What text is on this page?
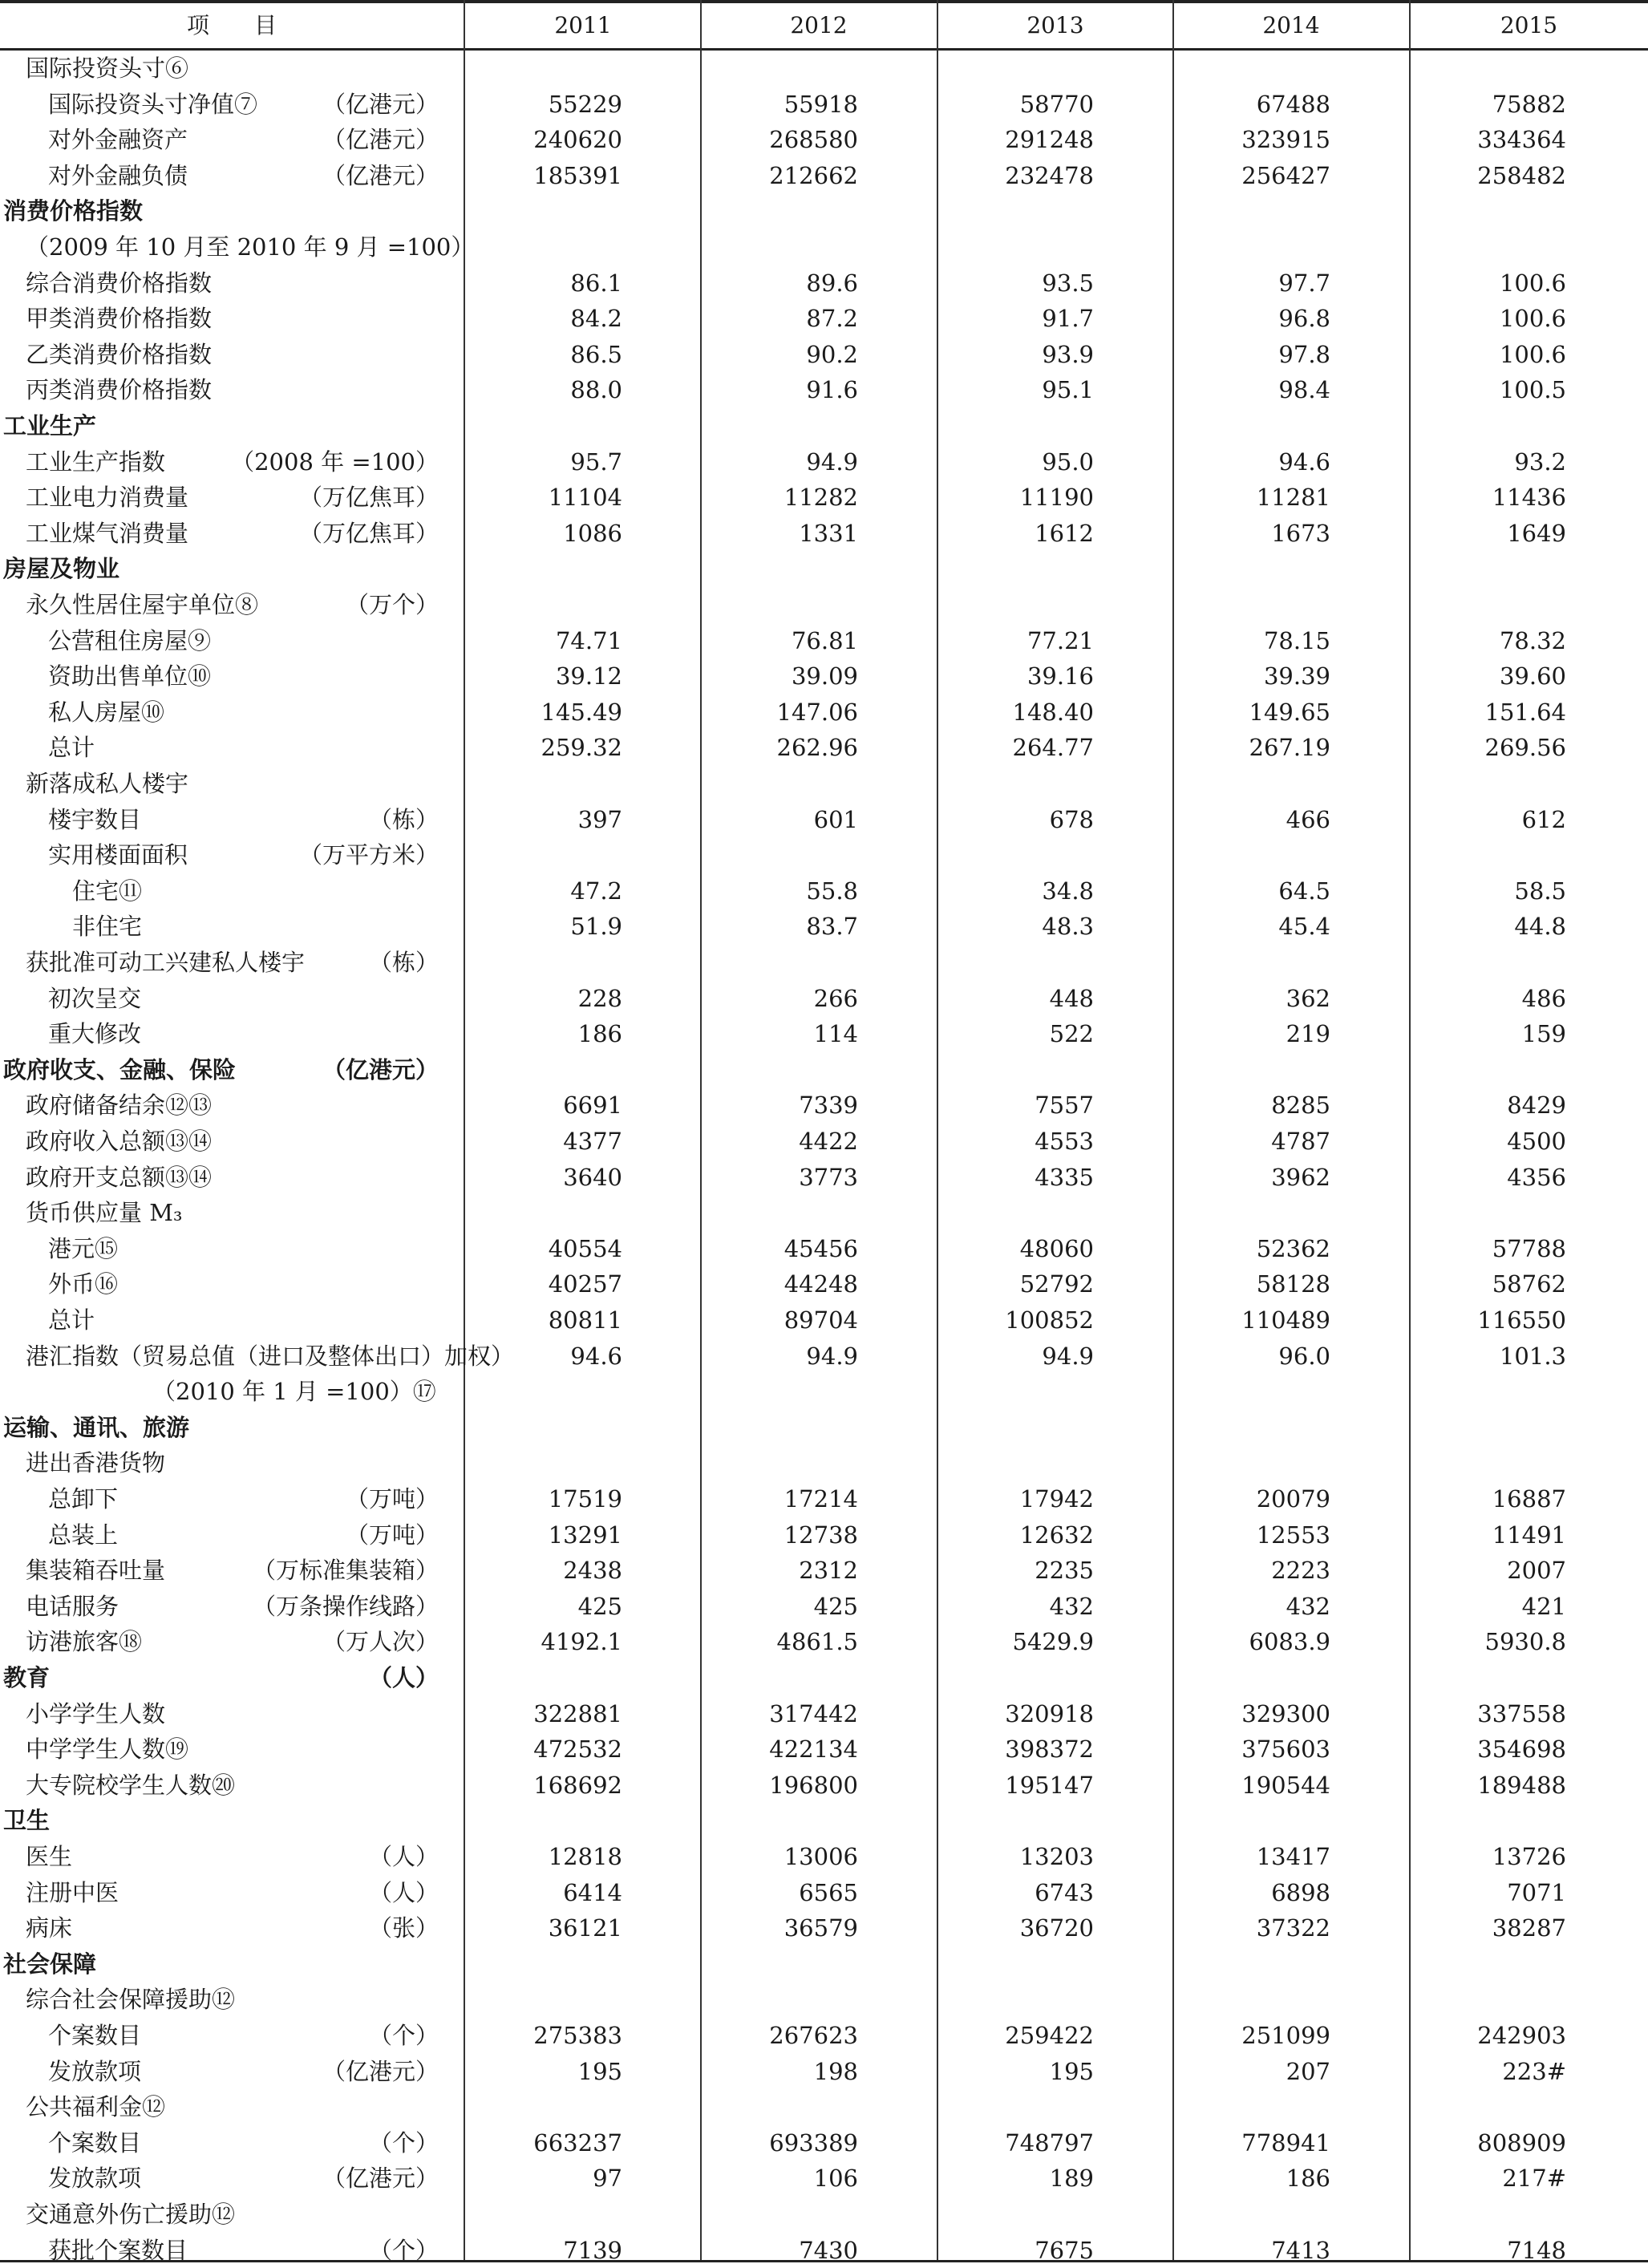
项　　目	2011	2012	2013	2014	2015
国际投资头寸⑥
国际投资头寸净值⑦	（亿港元）	55229	55918	58770	67488	75882
对外金融资产	（亿港元）	240620	268580	291248	323915	334364
对外金融负债	（亿港元）	185391	212662	232478	256427	258482
消费价格指数
（2009 年 10 月至 2010 年 9 月 =100）
综合消费价格指数	86.1	89.6	93.5	97.7	100.6
甲类消费价格指数	84.2	87.2	91.7	96.8	100.6
乙类消费价格指数	86.5	90.2	93.9	97.8	100.6
丙类消费价格指数	88.0	91.6	95.1	98.4	100.5
工业生产
工业生产指数	（2008 年 =100）	95.7	94.9	95.0	94.6	93.2
工业电力消费量	（万亿焦耳）	11104	11282	11190	11281	11436
工业煤气消费量	（万亿焦耳）	1086	1331	1612	1673	1649
房屋及物业
永久性居住屋宇单位⑧	（万个）
公营租住房屋⑨	74.71	76.81	77.21	78.15	78.32
资助出售单位⑩	39.12	39.09	39.16	39.39	39.60
私人房屋⑩	145.49	147.06	148.40	149.65	151.64
总计	259.32	262.96	264.77	267.19	269.56
新落成私人楼宇
楼宇数目	（栋）	397	601	678	466	612
实用楼面面积	（万平方米）
住宅⑪	47.2	55.8	34.8	64.5	58.5
非住宅	51.9	83.7	48.3	45.4	44.8
获批准可动工兴建私人楼宇	（栋）
初次呈交	228	266	448	362	486
重大修改	186	114	522	219	159
政府收支、金融、保险	（亿港元）
政府储备结余⑫⑬	6691	7339	7557	8285	8429
政府收入总额⑬⑭	4377	4422	4553	4787	4500
政府开支总额⑬⑭	3640	3773	4335	3962	4356
货币供应量 M₃
港元⑮	40554	45456	48060	52362	57788
外币⑯	40257	44248	52792	58128	58762
总计	80811	89704	100852	110489	116550
港汇指数（贸易总值（进口及整体出口）加权） 94.6	94.9	94.9	96.0	101.3
（2010 年 1 月 =100）⑰
运输、通讯、旅游
进出香港货物
总卸下	（万吨）	17519	17214	17942	20079	16887
总装上	（万吨）	13291	12738	12632	12553	11491
集装箱吞吐量	（万标准集装箱）	2438	2312	2235	2223	2007
电话服务	（万条操作线路）	425	425	432	432	421
访港旅客⑱	（万人次）	4192.1	4861.5	5429.9	6083.9	5930.8
教育	（人）
小学学生人数	322881	317442	320918	329300	337558
中学学生人数⑲	472532	422134	398372	375603	354698
大专院校学生人数⑳	168692	196800	195147	190544	189488
卫生
医生	（人）	12818	13006	13203	13417	13726
注册中医	（人）	6414	6565	6743	6898	7071
病床	（张）	36121	36579	36720	37322	38287
社会保障
综合社会保障援助⑫
个案数目	（个）	275383	267623	259422	251099	242903
发放款项	（亿港元）	195	198	195	207	223#
公共福利金⑫
个案数目	（个）	663237	693389	748797	778941	808909
发放款项	（亿港元）	97	106	189	186	217#
交通意外伤亡援助⑫
获批个案数目	（个）	7139	7430	7675	7413	7148
